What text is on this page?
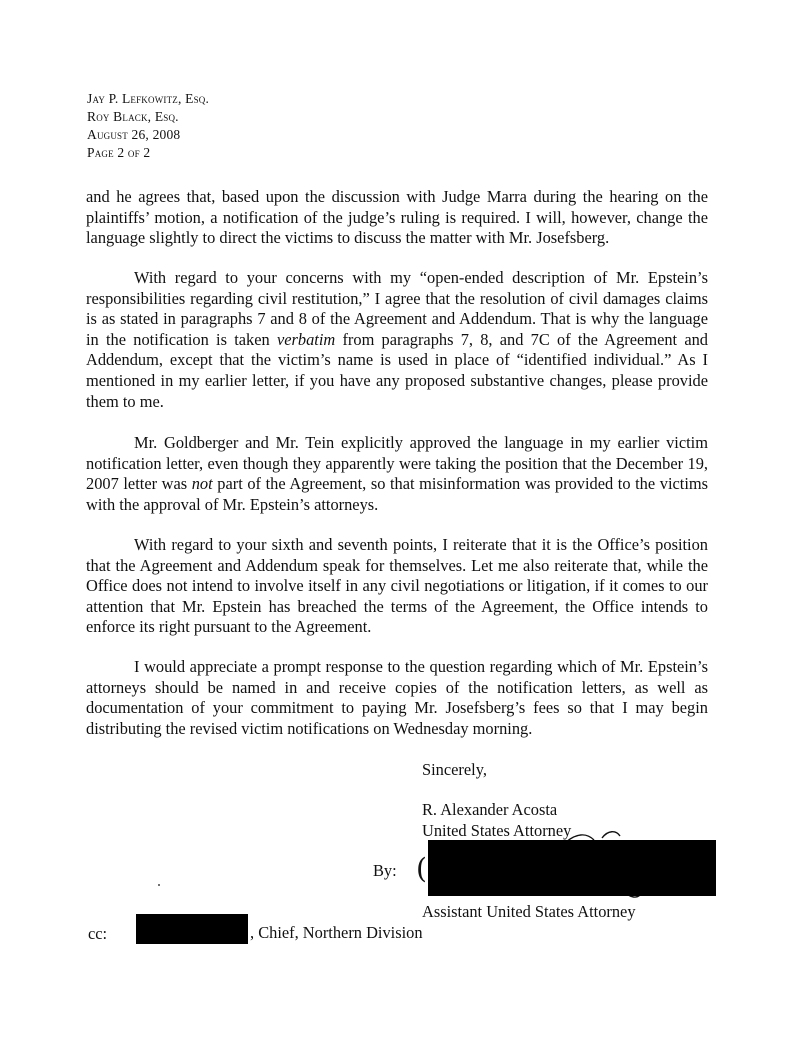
Jay P. Lefkowitz, Esq.
Roy Black, Esq.
August 26, 2008
Page 2 of 2

and he agrees that, based upon the discussion with Judge Marra during the hearing on the plaintiffs’ motion, a notification of the judge’s ruling is required. I will, however, change the language slightly to direct the victims to discuss the matter with Mr. Josefsberg.

With regard to your concerns with my “open-ended description of Mr. Epstein’s responsibilities regarding civil restitution,” I agree that the resolution of civil damages claims is as stated in paragraphs 7 and 8 of the Agreement and Addendum. That is why the language in the notification is taken verbatim from paragraphs 7, 8, and 7C of the Agreement and Addendum, except that the victim’s name is used in place of “identified individual.” As I mentioned in my earlier letter, if you have any proposed substantive changes, please provide them to me.

Mr. Goldberger and Mr. Tein explicitly approved the language in my earlier victim notification letter, even though they apparently were taking the position that the December 19, 2007 letter was not part of the Agreement, so that misinformation was provided to the victims with the approval of Mr. Epstein’s attorneys.

With regard to your sixth and seventh points, I reiterate that it is the Office’s position that the Agreement and Addendum speak for themselves. Let me also reiterate that, while the Office does not intend to involve itself in any civil negotiations or litigation, if it comes to our attention that Mr. Epstein has breached the terms of the Agreement, the Office intends to enforce its right pursuant to the Agreement.

I would appreciate a prompt response to the question regarding which of Mr. Epstein’s attorneys should be named in and receive copies of the notification letters, as well as documentation of your commitment to paying Mr. Josefsberg’s fees so that I may begin distributing the revised victim notifications on Wednesday morning.

Sincerely,
R. Alexander Acosta
United States Attorney
By: (
Assistant United States Attorney
cc:	, Chief, Northern Division
